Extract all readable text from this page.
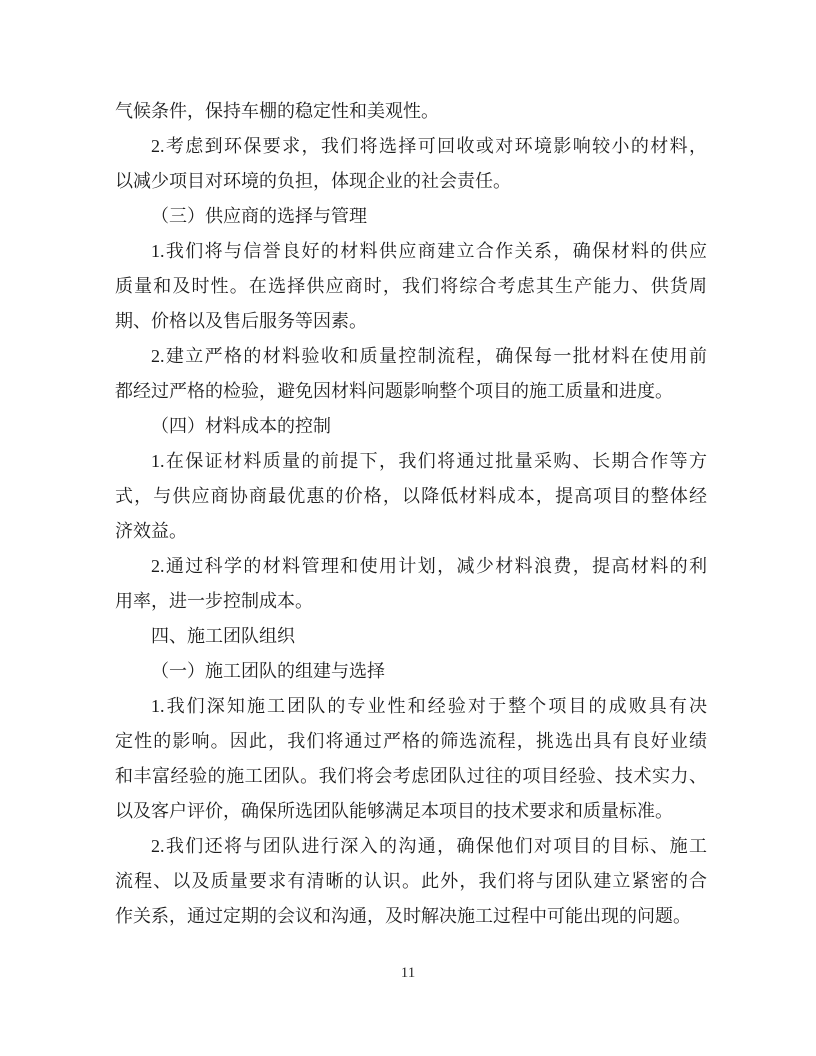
气候条件，保持车棚的稳定性和美观性。
2.考虑到环保要求，我们将选择可回收或对环境影响较小的材料，
以减少项目对环境的负担，体现企业的社会责任。
（三）供应商的选择与管理
1.我们将与信誉良好的材料供应商建立合作关系，确保材料的供应
质量和及时性。在选择供应商时，我们将综合考虑其生产能力、供货周
期、价格以及售后服务等因素。
2.建立严格的材料验收和质量控制流程，确保每一批材料在使用前
都经过严格的检验，避免因材料问题影响整个项目的施工质量和进度。
（四）材料成本的控制
1.在保证材料质量的前提下，我们将通过批量采购、长期合作等方
式，与供应商协商最优惠的价格，以降低材料成本，提高项目的整体经
济效益。
2.通过科学的材料管理和使用计划，减少材料浪费，提高材料的利
用率，进一步控制成本。
四、施工团队组织
（一）施工团队的组建与选择
1.我们深知施工团队的专业性和经验对于整个项目的成败具有决
定性的影响。因此，我们将通过严格的筛选流程，挑选出具有良好业绩
和丰富经验的施工团队。我们将会考虑团队过往的项目经验、技术实力、
以及客户评价，确保所选团队能够满足本项目的技术要求和质量标准。
2.我们还将与团队进行深入的沟通，确保他们对项目的目标、施工
流程、以及质量要求有清晰的认识。此外，我们将与团队建立紧密的合
作关系，通过定期的会议和沟通，及时解决施工过程中可能出现的问题。
11
